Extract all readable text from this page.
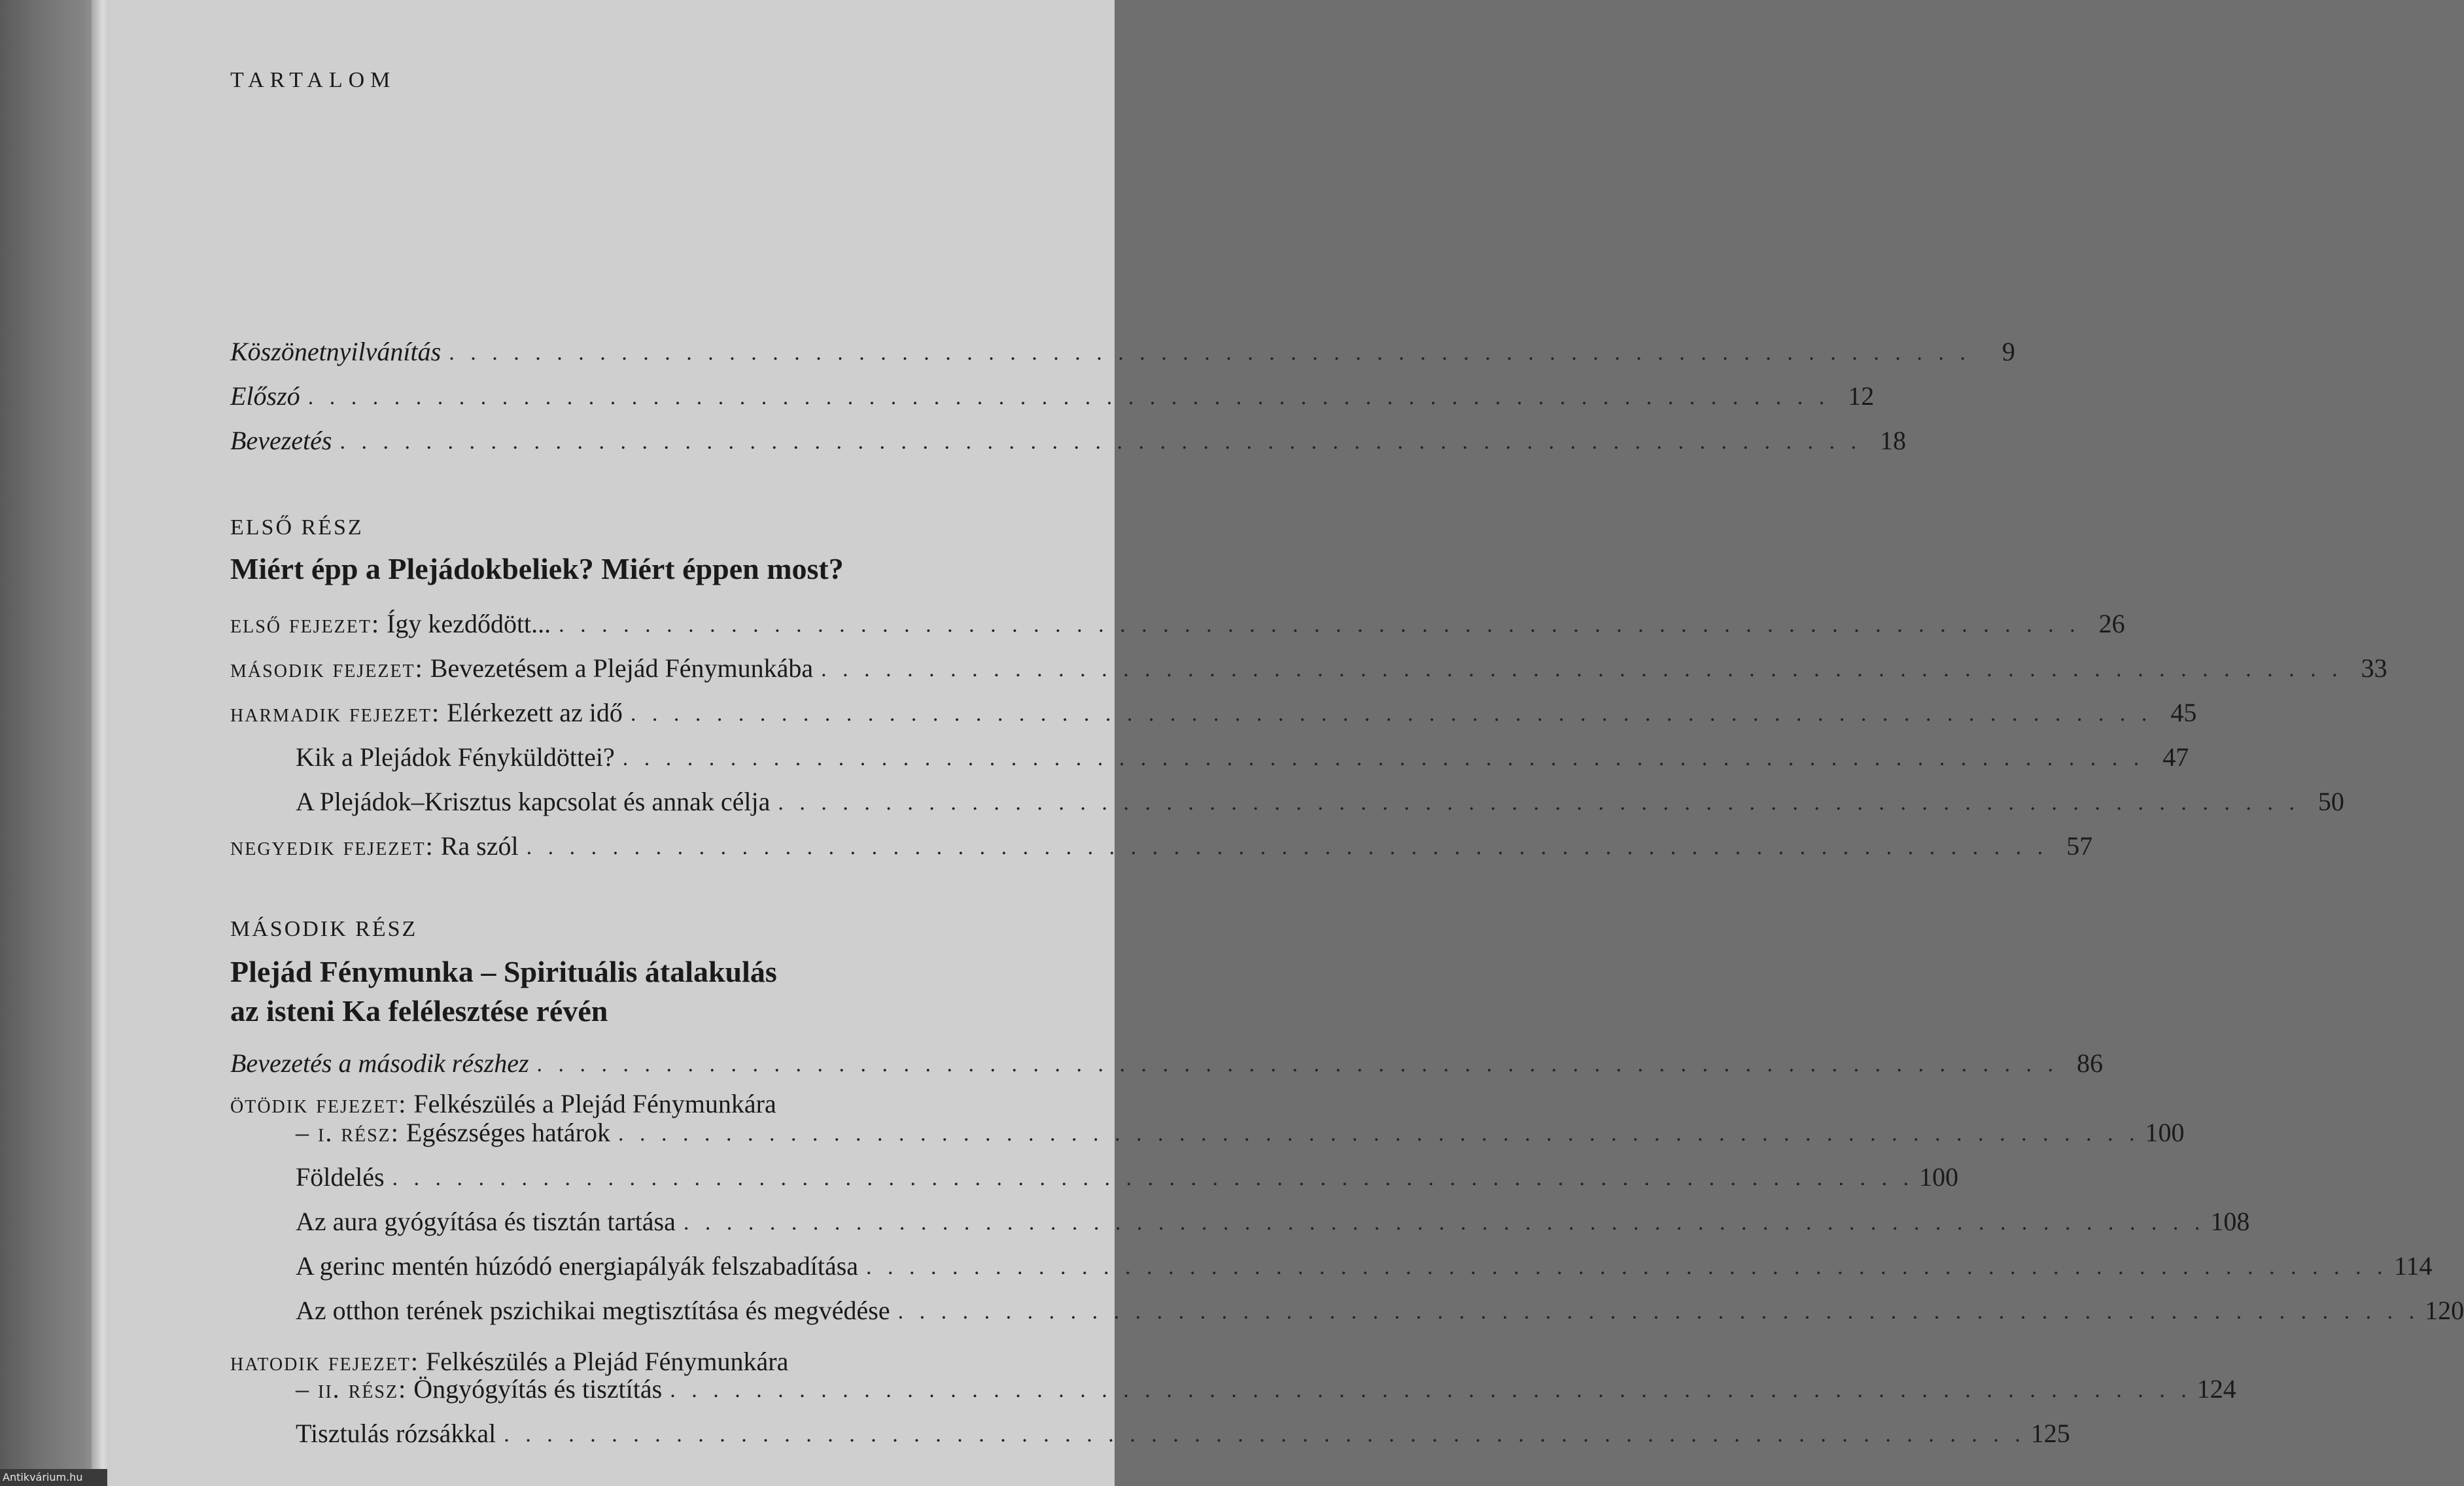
TARTALOM
Köszönetnyilvánítás . . . . . . . . . . . . . . . . . . . . . . . . . . . . . . . . . . . . . . . . . . . . . . . . . . . . . . . . . . . . . . . . . . . . . . .	9
Előszó . . . . . . . . . . . . . . . . . . . . . . . . . . . . . . . . . . . . . . . . . . . . . . . . . . . . . . . . . . . . . . . . . . . . . . . 12
Bevezetés . . . . . . . . . . . . . . . . . . . . . . . . . . . . . . . . . . . . . . . . . . . . . . . . . . . . . . . . . . . . . . . . . . . . . . . 18
ELSŐ RÉSZ
Miért épp a Plejádokbeliek? Miért éppen most?
első fejezet: Így kezdődött... . . . . . . . . . . . . . . . . . . . . . . . . . . . . . . . . . . . . . . . . . . . . . . . . . . . . . . . . . . . . . . . . . . . . . . . 26
második fejezet: Bevezetésem a Plejád Fénymunkába . . . . . . . . . . . . . . . . . . . . . . . . . . . . . . . . . . . . . . . . . . . . . . . . . . . . . . . . . . . . . . . . . . . . . . . 33
harmadik fejezet: Elérkezett az idő . . . . . . . . . . . . . . . . . . . . . . . . . . . . . . . . . . . . . . . . . . . . . . . . . . . . . . . . . . . . . . . . . . . . . . . 45
Kik a Plejádok Fényküldöttei? . . . . . . . . . . . . . . . . . . . . . . . . . . . . . . . . . . . . . . . . . . . . . . . . . . . . . . . . . . . . . . . . . . . . . . . 47
A Plejádok–Krisztus kapcsolat és annak célja . . . . . . . . . . . . . . . . . . . . . . . . . . . . . . . . . . . . . . . . . . . . . . . . . . . . . . . . . . . . . . . . . . . . . . . 50
negyedik fejezet: Ra szól . . . . . . . . . . . . . . . . . . . . . . . . . . . . . . . . . . . . . . . . . . . . . . . . . . . . . . . . . . . . . . . . . . . . . . . 57
MÁSODIK RÉSZ
Plejád Fénymunka – Spirituális átalakulás
az isteni Ka felélesztése révén
Bevezetés a második részhez . . . . . . . . . . . . . . . . . . . . . . . . . . . . . . . . . . . . . . . . . . . . . . . . . . . . . . . . . . . . . . . . . . . . . . . 86
ötödik fejezet: Felkészülés a Plejád Fénymunkára
– i. rész: Egészséges határok . . . . . . . . . . . . . . . . . . . . . . . . . . . . . . . . . . . . . . . . . . . . . . . . . . . . . . . . . . . . . . . . . . . . . . . 100
Földelés . . . . . . . . . . . . . . . . . . . . . . . . . . . . . . . . . . . . . . . . . . . . . . . . . . . . . . . . . . . . . . . . . . . . . . . 100
Az aura gyógyítása és tisztán tartása . . . . . . . . . . . . . . . . . . . . . . . . . . . . . . . . . . . . . . . . . . . . . . . . . . . . . . . . . . . . . . . . . . . . . . . 108
A gerinc mentén húzódó energiapályák felszabadítása . . . . . . . . . . . . . . . . . . . . . . . . . . . . . . . . . . . . . . . . . . . . . . . . . . . . . . . . . . . . . . . . . . . . . . . 114
Az otthon terének pszichikai megtisztítása és megvédése . . . . . . . . . . . . . . . . . . . . . . . . . . . . . . . . . . . . . . . . . . . . . . . . . . . . . . . . . . . . . . . . . . . . . . . 120
hatodik fejezet: Felkészülés a Plejád Fénymunkára
– ii. rész: Öngyógyítás és tisztítás . . . . . . . . . . . . . . . . . . . . . . . . . . . . . . . . . . . . . . . . . . . . . . . . . . . . . . . . . . . . . . . . . . . . . . . 124
Tisztulás rózsákkal . . . . . . . . . . . . . . . . . . . . . . . . . . . . . . . . . . . . . . . . . . . . . . . . . . . . . . . . . . . . . . . . . . . . . . . 125
Antikvárium.hu
